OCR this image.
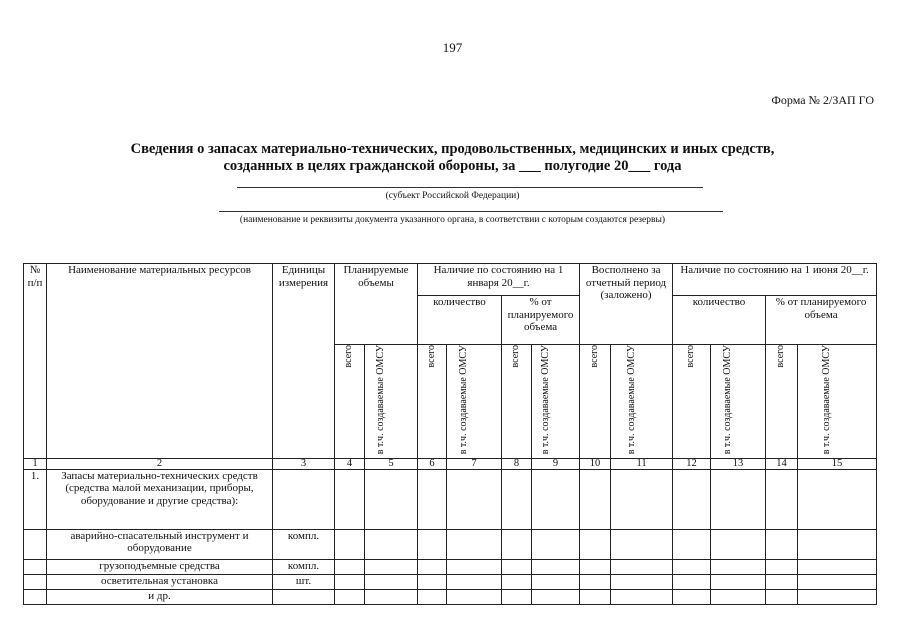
197
Форма № 2/ЗАП ГО
Сведения о запасах материально-технических, продовольственных, медицинских и иных средств,
созданных в целях гражданской обороны, за ___ полугодие 20___ года
(субъект Российской Федерации)
(наименование и реквизиты документа указанного органа, в соответствии с которым создаются резервы)
№ п/п	Наименование материальных ресурсов	Единицы измерения	Планируемые объемы		Наличие по состоянию на 1 января 20__г.				Восполнено за отчетный период (заложено)		Наличие по состоянию на 1 июня 20__г.			
					количество		% от планируемого объема				количество		% от планируемого объема	
			всего	в т.ч. создаваемые ОМСУ	всего	в т.ч. создаваемые ОМСУ	всего	в т.ч. создаваемые ОМСУ	всего	в т.ч. создаваемые ОМСУ	всего	в т.ч. создаваемые ОМСУ	всего	в т.ч. создаваемые ОМСУ
1	2	3	4	5	6	7	8	9	10	11	12	13	14	15
1.	Запасы материально-технических средств (средства малой механизации, приборы, оборудование и другие средства):													
	аварийно-спасательный инструмент и оборудование	компл.												
	грузоподъемные средства	компл.												
	осветительная установка	шт.												
	и др.													
